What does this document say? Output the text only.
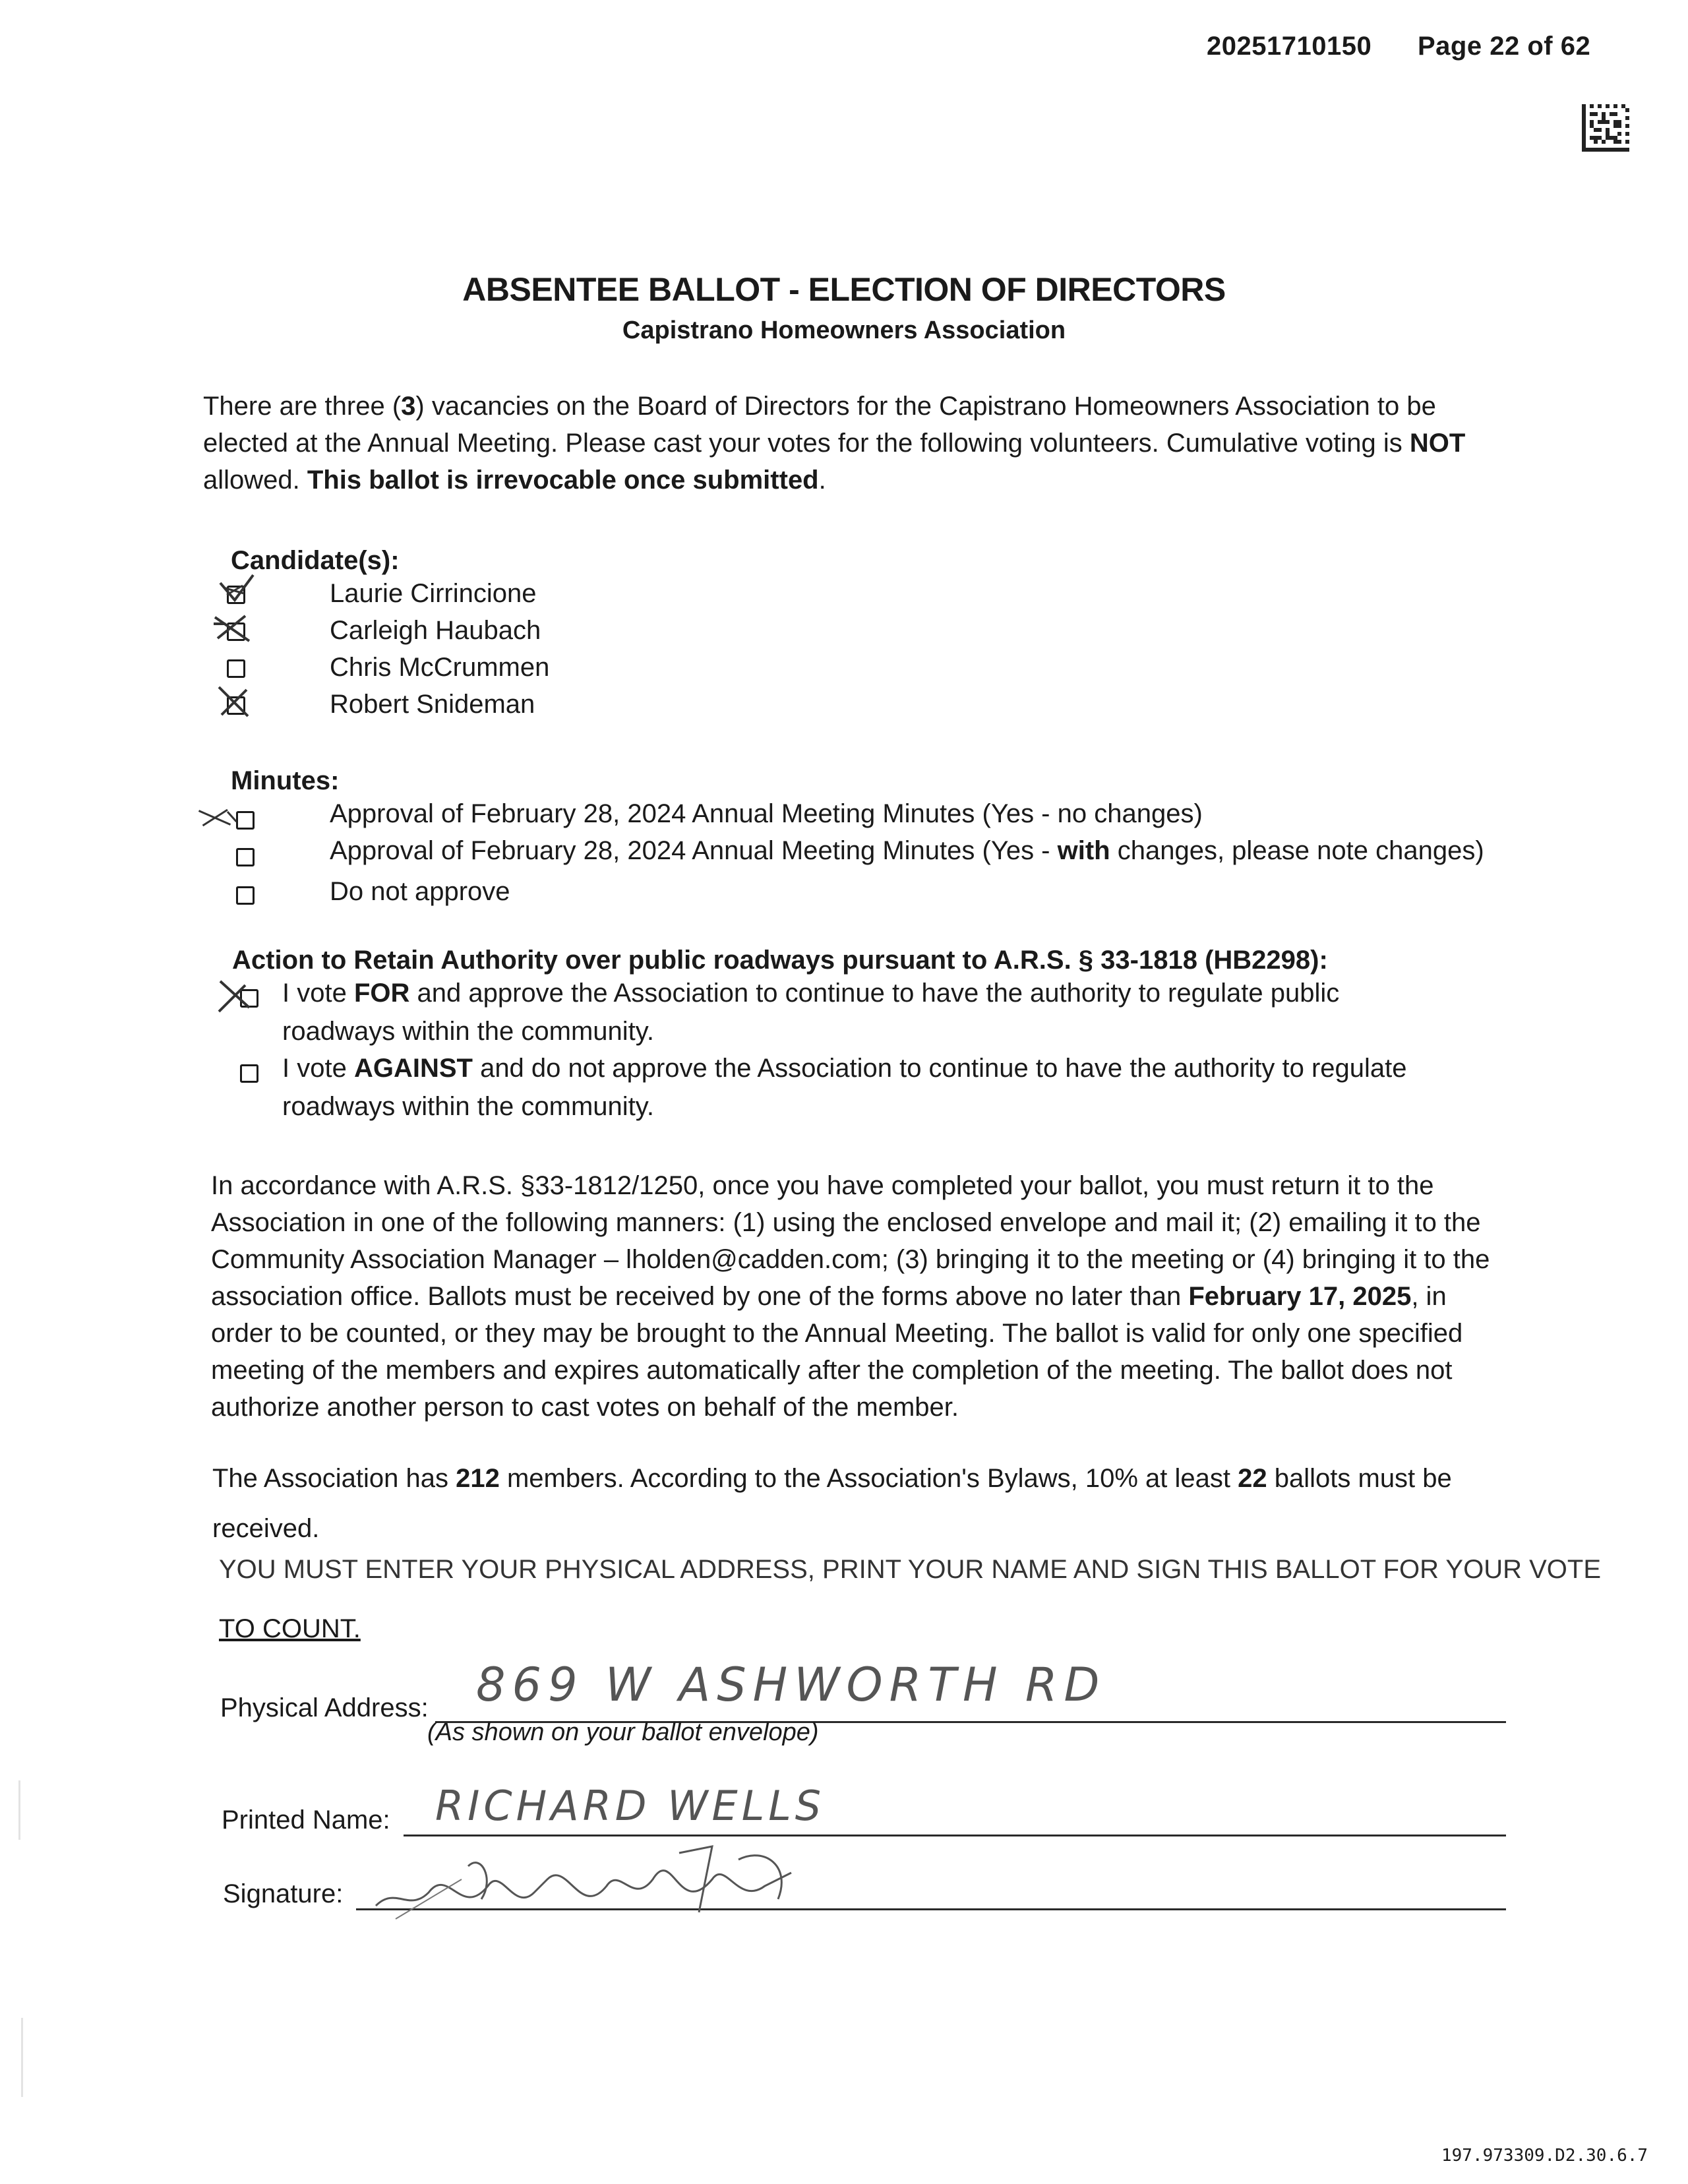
20251710150 Page 22 of 62
ABSENTEE BALLOT - ELECTION OF DIRECTORS
Capistrano Homeowners Association
There are three (3) vacancies on the Board of Directors for the Capistrano Homeowners Association to be elected at the Annual Meeting. Please cast your votes for the following volunteers. Cumulative voting is NOT allowed. This ballot is irrevocable once submitted.
Candidate(s):
Laurie Cirrincione
Carleigh Haubach
Chris McCrummen
Robert Snideman
Minutes:
Approval of February 28, 2024 Annual Meeting Minutes (Yes - no changes)
Approval of February 28, 2024 Annual Meeting Minutes (Yes - with changes, please note changes)
Do not approve
Action to Retain Authority over public roadways pursuant to A.R.S. § 33-1818 (HB2298):
I vote FOR and approve the Association to continue to have the authority to regulate public
roadways within the community.
I vote AGAINST and do not approve the Association to continue to have the authority to regulate
roadways within the community.
In accordance with A.R.S. §33-1812/1250, once you have completed your ballot, you must return it to the Association in one of the following manners: (1) using the enclosed envelope and mail it; (2) emailing it to the Community Association Manager – lholden@cadden.com; (3) bringing it to the meeting or (4) bringing it to the association office. Ballots must be received by one of the forms above no later than February 17, 2025, in order to be counted, or they may be brought to the Annual Meeting. The ballot is valid for only one specified meeting of the members and expires automatically after the completion of the meeting. The ballot does not authorize another person to cast votes on behalf of the member.
The Association has 212 members. According to the Association's Bylaws, 10% at least 22 ballots must be received.
YOU MUST ENTER YOUR PHYSICAL ADDRESS, PRINT YOUR NAME AND SIGN THIS BALLOT FOR YOUR VOTE
TO COUNT.
Physical Address: 869 W ASHWORTH RD
(As shown on your ballot envelope)
Printed Name: RICHARD WELLS
Signature:
197.973309.D2.30.6.7
